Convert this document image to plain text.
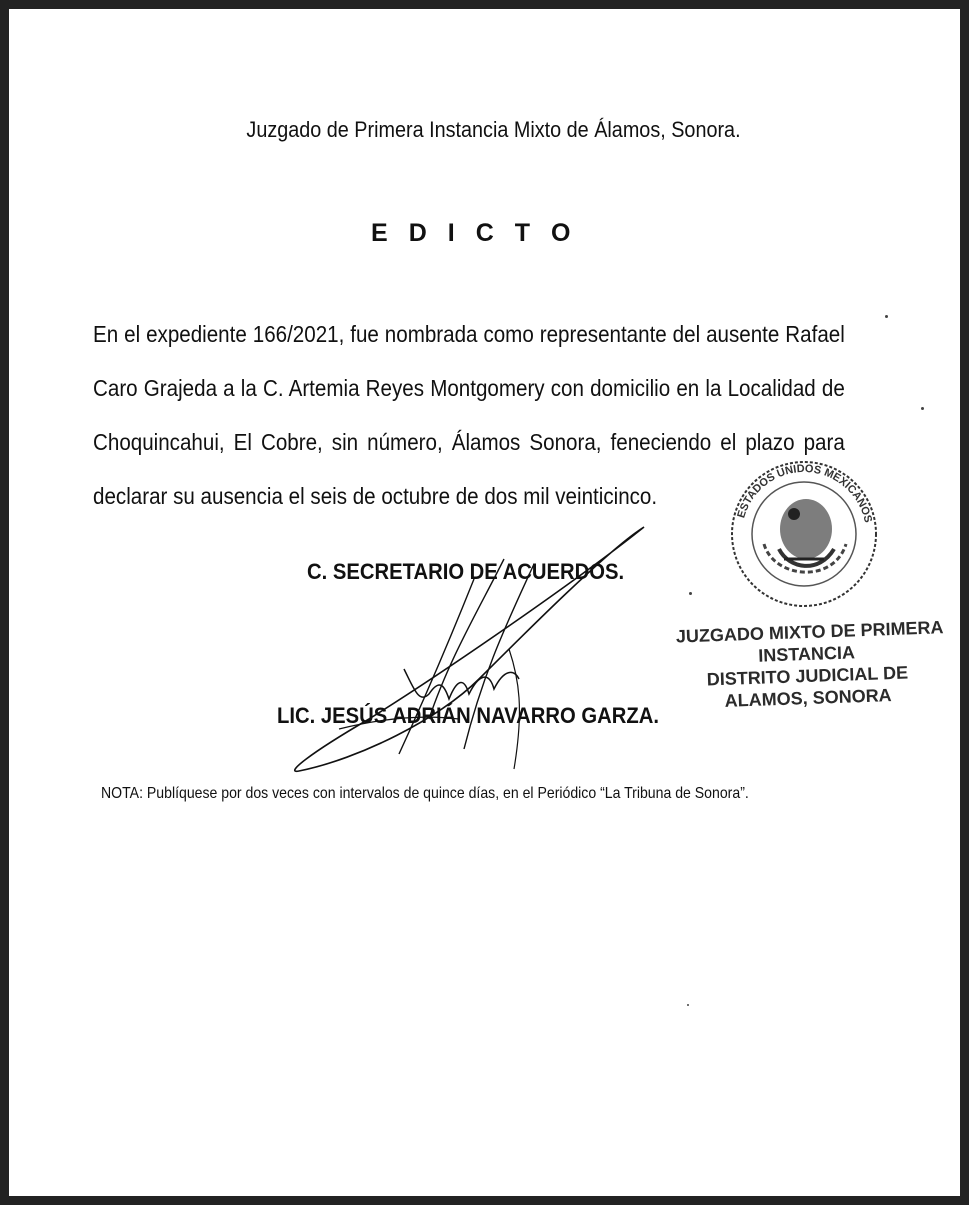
Juzgado de Primera Instancia Mixto de Álamos, Sonora.
E D I C T O
En el expediente 166/2021, fue nombrada como representante del ausente Rafael
Caro Grajeda a la C. Artemia Reyes Montgomery con domicilio en la Localidad de
Choquincahui, El Cobre, sin número, Álamos Sonora, feneciendo el plazo para
declarar su ausencia el seis de octubre de dos mil veinticinco.
C. SECRETARIO DE ACUERDOS.
LIC. JESÚS ADRIÁN NAVARRO GARZA.
ESTADOS UNIDOS MEXICANOS
JUZGADO MIXTO DE PRIMERA
INSTANCIA
DISTRITO JUDICIAL DE
ALAMOS, SONORA
NOTA: Publíquese por dos veces con intervalos de quince días, en el Periódico “La Tribuna de Sonora”.
